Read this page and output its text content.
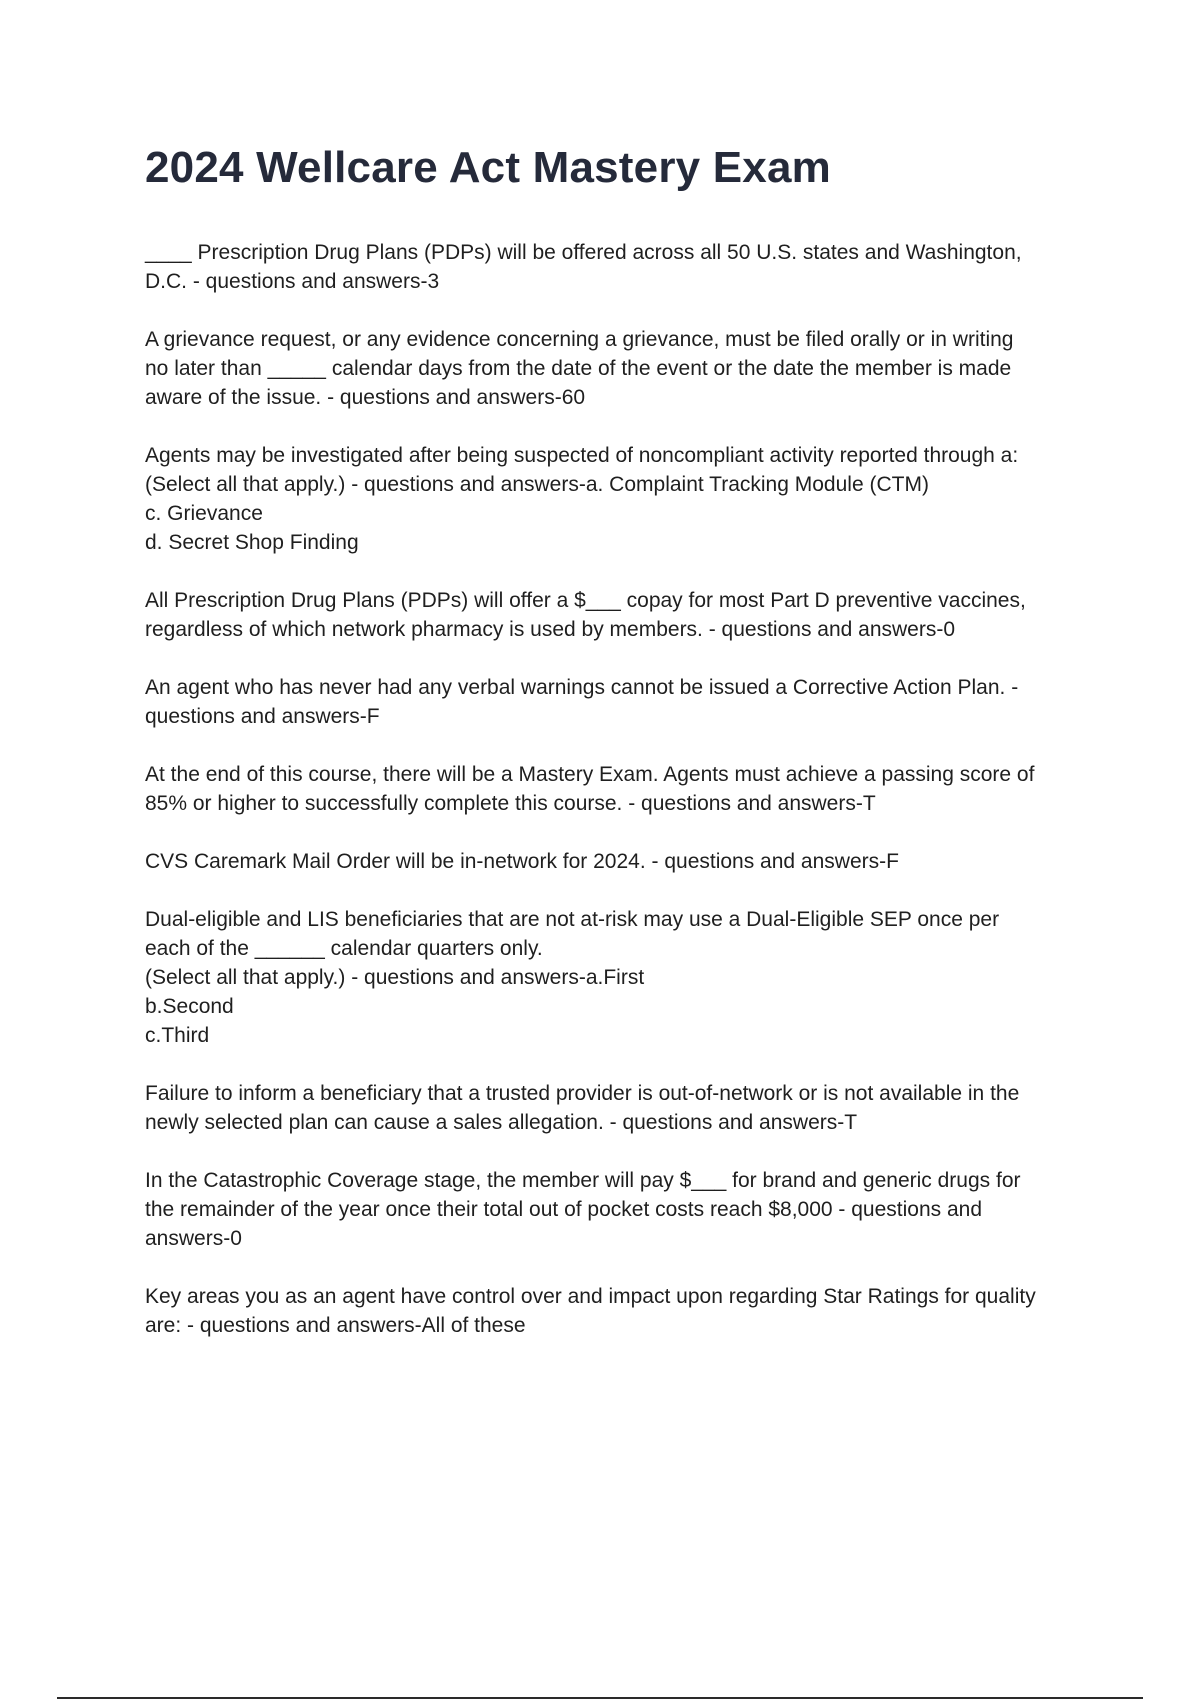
2024 Wellcare Act Mastery Exam
____ Prescription Drug Plans (PDPs) will be offered across all 50 U.S. states and Washington,
D.C. - questions and answers-3
A grievance request, or any evidence concerning a grievance, must be filed orally or in writing
no later than _____ calendar days from the date of the event or the date the member is made
aware of the issue. - questions and answers-60
Agents may be investigated after being suspected of noncompliant activity reported through a:
(Select all that apply.) - questions and answers-a. Complaint Tracking Module (CTM)
c. Grievance
d. Secret Shop Finding
All Prescription Drug Plans (PDPs) will offer a $___ copay for most Part D preventive vaccines,
regardless of which network pharmacy is used by members. - questions and answers-0
An agent who has never had any verbal warnings cannot be issued a Corrective Action Plan. -
questions and answers-F
At the end of this course, there will be a Mastery Exam. Agents must achieve a passing score of
85% or higher to successfully complete this course. - questions and answers-T
CVS Caremark Mail Order will be in-network for 2024. - questions and answers-F
Dual-eligible and LIS beneficiaries that are not at-risk may use a Dual-Eligible SEP once per
each of the ______ calendar quarters only.
(Select all that apply.) - questions and answers-a.First
b.Second
c.Third
Failure to inform a beneficiary that a trusted provider is out-of-network or is not available in the
newly selected plan can cause a sales allegation. - questions and answers-T
In the Catastrophic Coverage stage, the member will pay $___ for brand and generic drugs for
the remainder of the year once their total out of pocket costs reach $8,000 - questions and
answers-0
Key areas you as an agent have control over and impact upon regarding Star Ratings for quality
are: - questions and answers-All of these
